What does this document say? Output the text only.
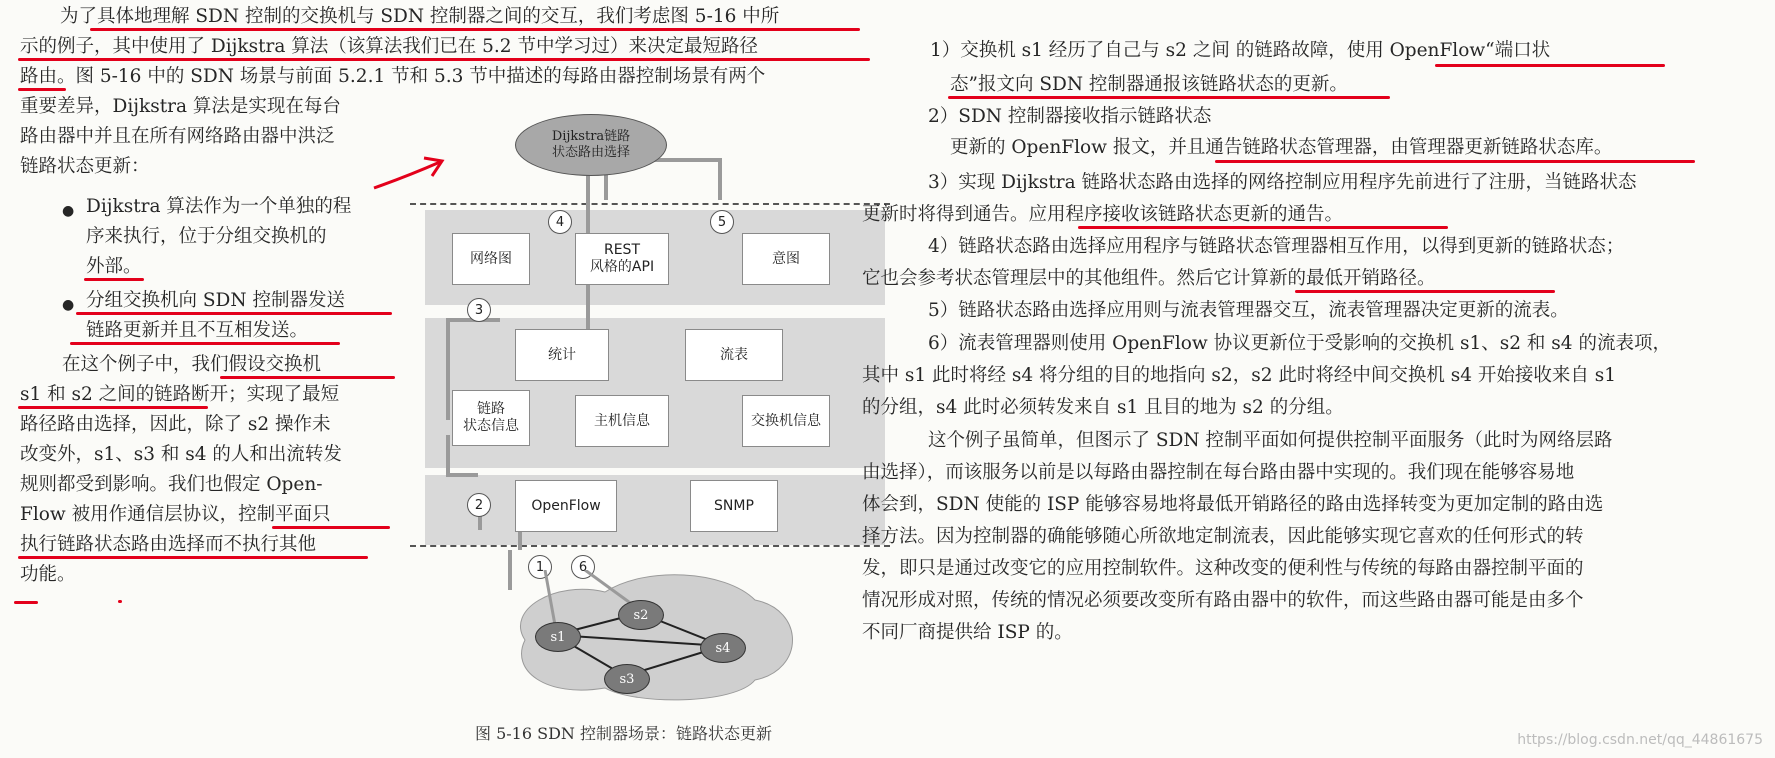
为了具体地理解 SDN 控制的交换机与 SDN 控制器之间的交互，我们考虑图 5-16 中所
示的例子，其中使用了 Dijkstra 算法（该算法我们已在 5.2 节中学习过）来决定最短路径
路由。图 5-16 中的 SDN 场景与前面 5.2.1 节和 5.3 节中描述的每路由器控制场景有两个
重要差异，Dijkstra 算法是实现在每台
路由器中并且在所有网络路由器中洪泛
链路状态更新：
● Dijkstra 算法作为一个单独的程
序来执行，位于分组交换机的
外部。
● 分组交换机向 SDN 控制器发送
链路更新并且不互相发送。
在这个例子中，我们假设交换机
s1 和 s2 之间的链路断开；实现了最短
路径路由选择，因此，除了 s2 操作未
改变外，s1、s3 和 s4 的人和出流转发
规则都受到影响。我们也假定 Open-
Flow 被用作通信层协议，控制平面只
执行链路状态路由选择而不执行其他
功能。
Dijkstra链路
状态路由选择
网络图
REST
风格的API
意图
统计	流表
链路
状态信息	主机信息	交换机信息
OpenFlow	SNMP
4	5
3
2
1	6
s1
s2
s3
s4
图 5-16 SDN 控制器场景：链路状态更新
1）交换机 s1 经历了自己与 s2 之间 的链路故障，使用 OpenFlow“端口状
态”报文向 SDN 控制器通报该链路状态的更新。
2）SDN 控制器接收指示链路状态
更新的 OpenFlow 报文，并且通告链路状态管理器，由管理器更新链路状态库。
3）实现 Dijkstra 链路状态路由选择的网络控制应用程序先前进行了注册，当链路状态
更新时将得到通告。应用程序接收该链路状态更新的通告。
4）链路状态路由选择应用程序与链路状态管理器相互作用，以得到更新的链路状态；
它也会参考状态管理层中的其他组件。然后它计算新的最低开销路径。
5）链路状态路由选择应用则与流表管理器交互，流表管理器决定更新的流表。
6）流表管理器则使用 OpenFlow 协议更新位于受影响的交换机 s1、s2 和 s4 的流表项，
其中 s1 此时将经 s4 将分组的目的地指向 s2，s2 此时将经中间交换机 s4 开始接收来自 s1
的分组，s4 此时必须转发来自 s1 且目的地为 s2 的分组。
这个例子虽简单，但图示了 SDN 控制平面如何提供控制平面服务（此时为网络层路
由选择），而该服务以前是以每路由器控制在每台路由器中实现的。我们现在能够容易地
体会到，SDN 使能的 ISP 能够容易地将最低开销路径的路由选择转变为更加定制的路由选
择方法。因为控制器的确能够随心所欲地定制流表，因此能够实现它喜欢的任何形式的转
发，即只是通过改变它的应用控制软件。这种改变的便利性与传统的每路由器控制平面的
情况形成对照，传统的情况必须要改变所有路由器中的软件，而这些路由器可能是由多个
不同厂商提供给 ISP 的。
https://blog.csdn.net/qq_44861675
